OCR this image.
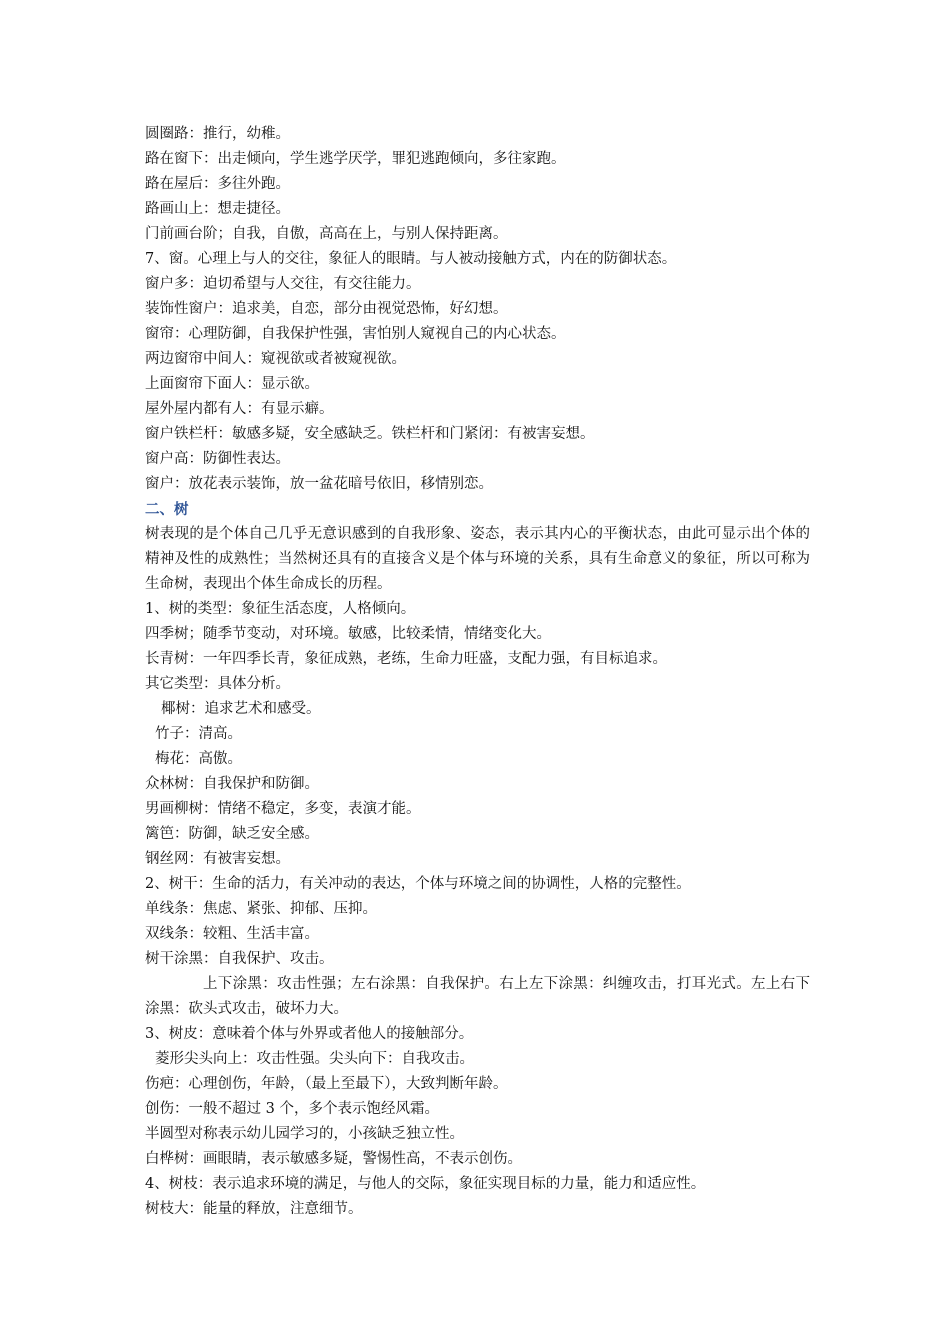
圆圈路：推行，幼稚。
路在窗下：出走倾向，学生逃学厌学，罪犯逃跑倾向，多往家跑。
路在屋后：多往外跑。
路画山上：想走捷径。
门前画台阶；自我，自傲，高高在上，与别人保持距离。
7、窗。心理上与人的交往，象征人的眼睛。与人被动接触方式，内在的防御状态。
窗户多：迫切希望与人交往，有交往能力。
装饰性窗户：追求美，自恋，部分由视觉恐怖，好幻想。
窗帘：心理防御，自我保护性强，害怕别人窥视自己的内心状态。
两边窗帘中间人：窥视欲或者被窥视欲。
上面窗帘下面人：显示欲。
屋外屋内都有人：有显示癖。
窗户铁栏杆：敏感多疑，安全感缺乏。铁栏杆和门紧闭：有被害妄想。
窗户高：防御性表达。
窗户：放花表示装饰，放一盆花暗号依旧，移情别恋。
二、树
树表现的是个体自己几乎无意识感到的自我形象、姿态，表示其内心的平衡状态，由此可显示出个体的精神及性的成熟性；当然树还具有的直接含义是个体与环境的关系，具有生命意义的象征，所以可称为生命树，表现出个体生命成长的历程。
1、树的类型：象征生活态度，人格倾向。
四季树；随季节变动，对环境。敏感，比较柔情，情绪变化大。
长青树：一年四季长青，象征成熟，老练，生命力旺盛，支配力强，有目标追求。
其它类型：具体分析。
椰树：追求艺术和感受。
竹子：清高。
梅花：高傲。
众林树：自我保护和防御。
男画柳树：情绪不稳定，多变，表演才能。
篱笆：防御，缺乏安全感。
钢丝网：有被害妄想。
2、树干：生命的活力，有关冲动的表达，个体与环境之间的协调性，人格的完整性。
单线条：焦虑、紧张、抑郁、压抑。
双线条：较粗、生活丰富。
树干涂黑：自我保护、攻击。
上下涂黑：攻击性强；左右涂黑：自我保护。右上左下涂黑：纠缠攻击，打耳光式。左上右下涂黑：砍头式攻击，破坏力大。
3、树皮：意味着个体与外界或者他人的接触部分。
菱形尖头向上：攻击性强。尖头向下：自我攻击。
伤疤：心理创伤，年龄，（最上至最下），大致判断年龄。
创伤：一般不超过 3 个，多个表示饱经风霜。
半圆型对称表示幼儿园学习的，小孩缺乏独立性。
白桦树：画眼睛，表示敏感多疑，警惕性高，不表示创伤。
4、树枝：表示追求环境的满足，与他人的交际，象征实现目标的力量，能力和适应性。
树枝大：能量的释放，注意细节。
